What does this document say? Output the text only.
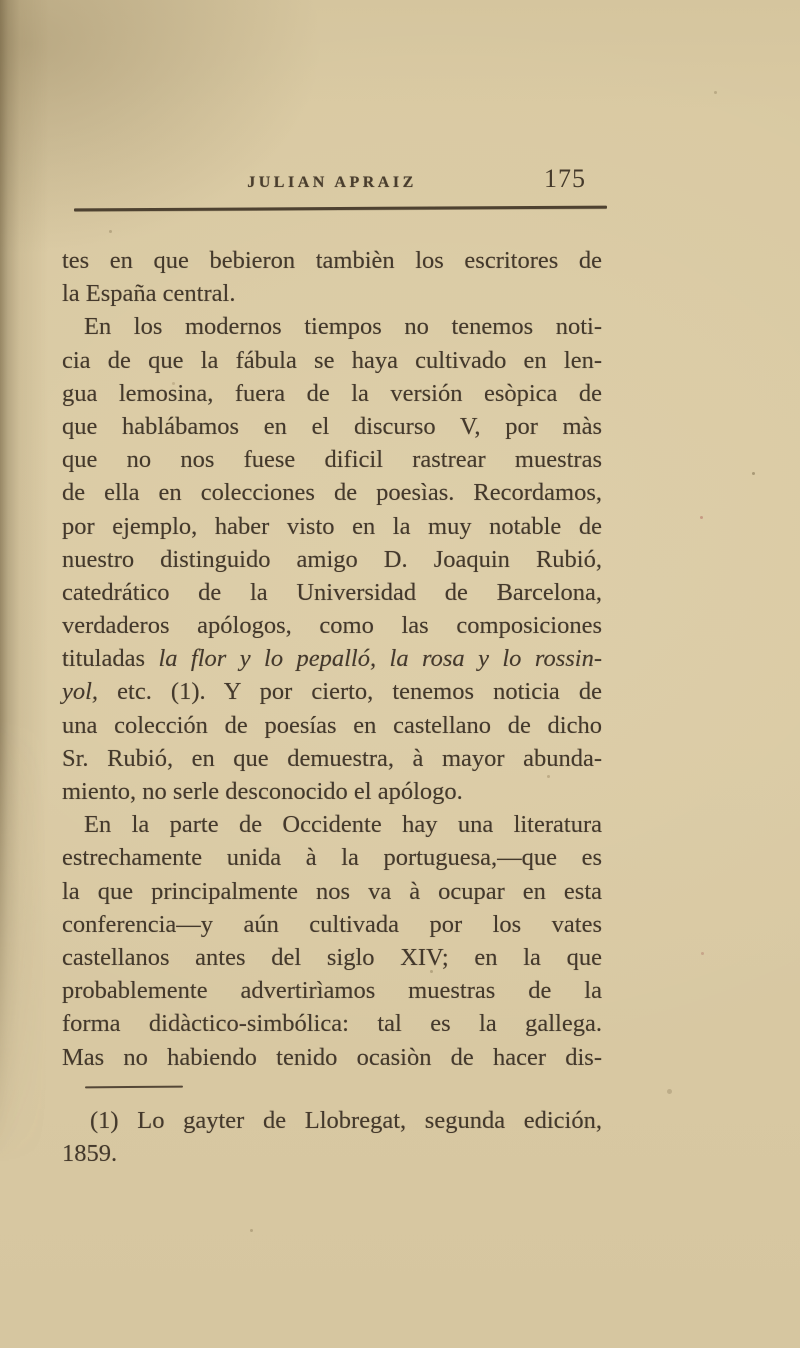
JULIAN APRAIZ	175
tes en que bebieron tambièn los escritores de
la España central.
En los modernos tiempos no tenemos noti-
cia de que la fábula se haya cultivado en len-
gua lemosina, fuera de la versión esòpica de
que hablábamos en el discurso V, por màs
que no nos fuese dificil rastrear muestras
de ella en colecciones de poesìas. Recordamos,
por ejemplo, haber visto en la muy notable de
nuestro distinguido amigo D. Joaquin Rubió,
catedrático de la Universidad de Barcelona,
verdaderos apólogos, como las composiciones
tituladas la flor y lo pepalló, la rosa y lo rossin-
yol, etc. (1). Y por cierto, tenemos noticia de
una colección de poesías en castellano de dicho
Sr. Rubió, en que demuestra, à mayor abunda-
miento, no serle desconocido el apólogo.
En la parte de Occidente hay una literatura
estrechamente unida à la portuguesa,—que es
la que principalmente nos va à ocupar en esta
conferencia—y aún cultivada por los vates
castellanos antes del siglo XIV; en la que
probablemente advertirìamos muestras de la
forma didàctico-simbólica: tal es la gallega.
Mas no habiendo tenido ocasiòn de hacer dis-
(1) Lo gayter de Llobregat, segunda edición,
1859.
